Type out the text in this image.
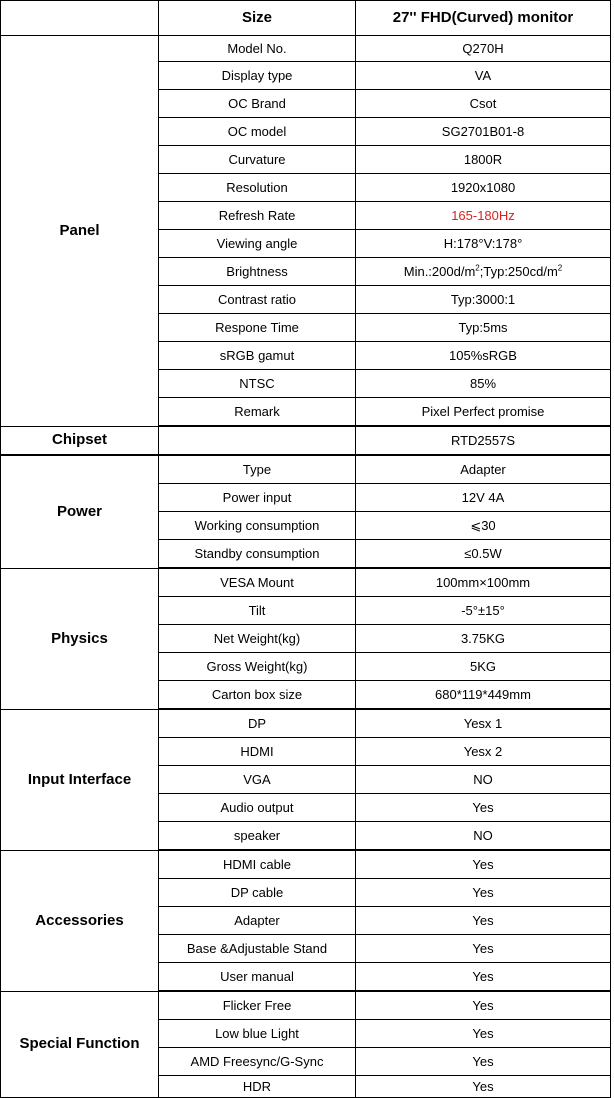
	Size	27'' FHD(Curved) monitor
Panel	Model No.	Q270H
	Display type	VA
	OC Brand	Csot
	OC model	SG2701B01-8
	Curvature	1800R
	Resolution	1920x1080
	Refresh Rate	165-180Hz
	Viewing angle	H:178°V:178°
	Brightness	$Min.:200d/m^2;Typ:250cd/m^2$
	Contrast ratio	Typ:3000:1
	Respone Time	Typ:5ms
	sRGB gamut	105%sRGB
	NTSC	85%
	Remark	Pixel Perfect promise
Chipset		RTD2557S
Power	Type	Adapter
	Power input	12V 4A
	Working consumption	⩽30
	Standby consumption	≤0.5W
Physics	VESA Mount	100mm×100mm
	Tilt	-5°±15°
	Net Weight(kg)	3.75KG
	Gross Weight(kg)	5KG
	Carton box size	680*119*449mm
Input Interface	DP	Yesx 1
	HDMI	Yesx 2
	VGA	NO
	Audio output	Yes
	speaker	NO
Accessories	HDMI cable	Yes
	DP cable	Yes
	Adapter	Yes
	Base &Adjustable Stand	Yes
	User manual	Yes
Special Function	Flicker Free	Yes
	Low blue Light	Yes
	AMD Freesync/G-Sync	Yes
	HDR	Yes
